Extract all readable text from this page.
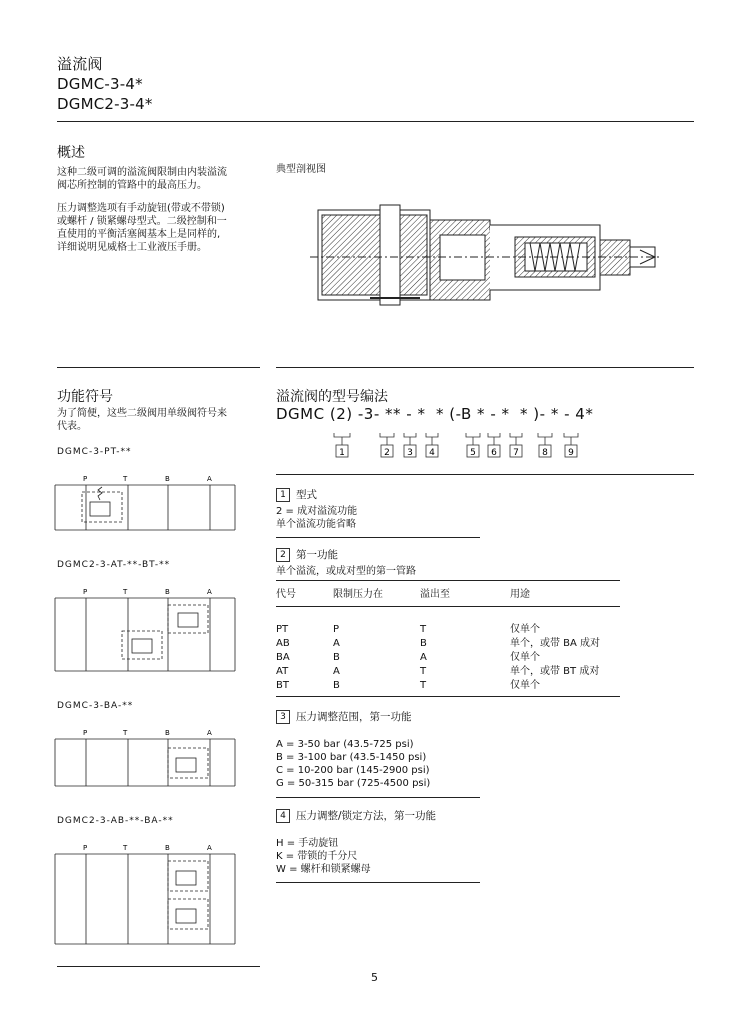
溢流阀
DGMC-3-4*
DGMC2-3-4*
概述
这种二级可调的溢流阀限制由内装溢流
阀芯所控制的管路中的最高压力。
压力调整选项有手动旋钮(带或不带锁)
或螺杆 / 锁紧螺母型式。二级控制和一
直使用的平衡活塞阀基本上是同样的,
详细说明见威格士工业液压手册。
典型剖视图
功能符号
为了简便，这些二级阀用单级阀符号来
代表。
DGMC-3-PT-**
P	T	B	A
DGMC2-3-AT-**-BT-**
P	T	B	A
DGMC-3-BA-**
P	T	B	A
DGMC2-3-AB-**-BA-**
P	T	B	A
溢流阀的型号编法
DGMC (2) -3- ** - *  * (-B * - *  * )- * - 4*
1	2 3 4	5 6 7	8 9
1 型式
2 = 成对溢流功能
单个溢流功能省略
2 第一功能
单个溢流，或成对型的第一管路
代号	限制压力在	溢出至	用途
PT	P	T	仅单个
AB	A	B	单个，或带 BA 成对
BA	B	A	仅单个
AT	A	T	单个，或带 BT 成对
BT	B	T	仅单个
3 压力调整范围，第一功能
A = 3-50 bar (43.5-725 psi)
B = 3-100 bar (43.5-1450 psi)
C = 10-200 bar (145-2900 psi)
G = 50-315 bar (725-4500 psi)
4 压力调整/锁定方法，第一功能
H = 手动旋钮
K = 带锁的千分尺
W = 螺杆和锁紧螺母
5
